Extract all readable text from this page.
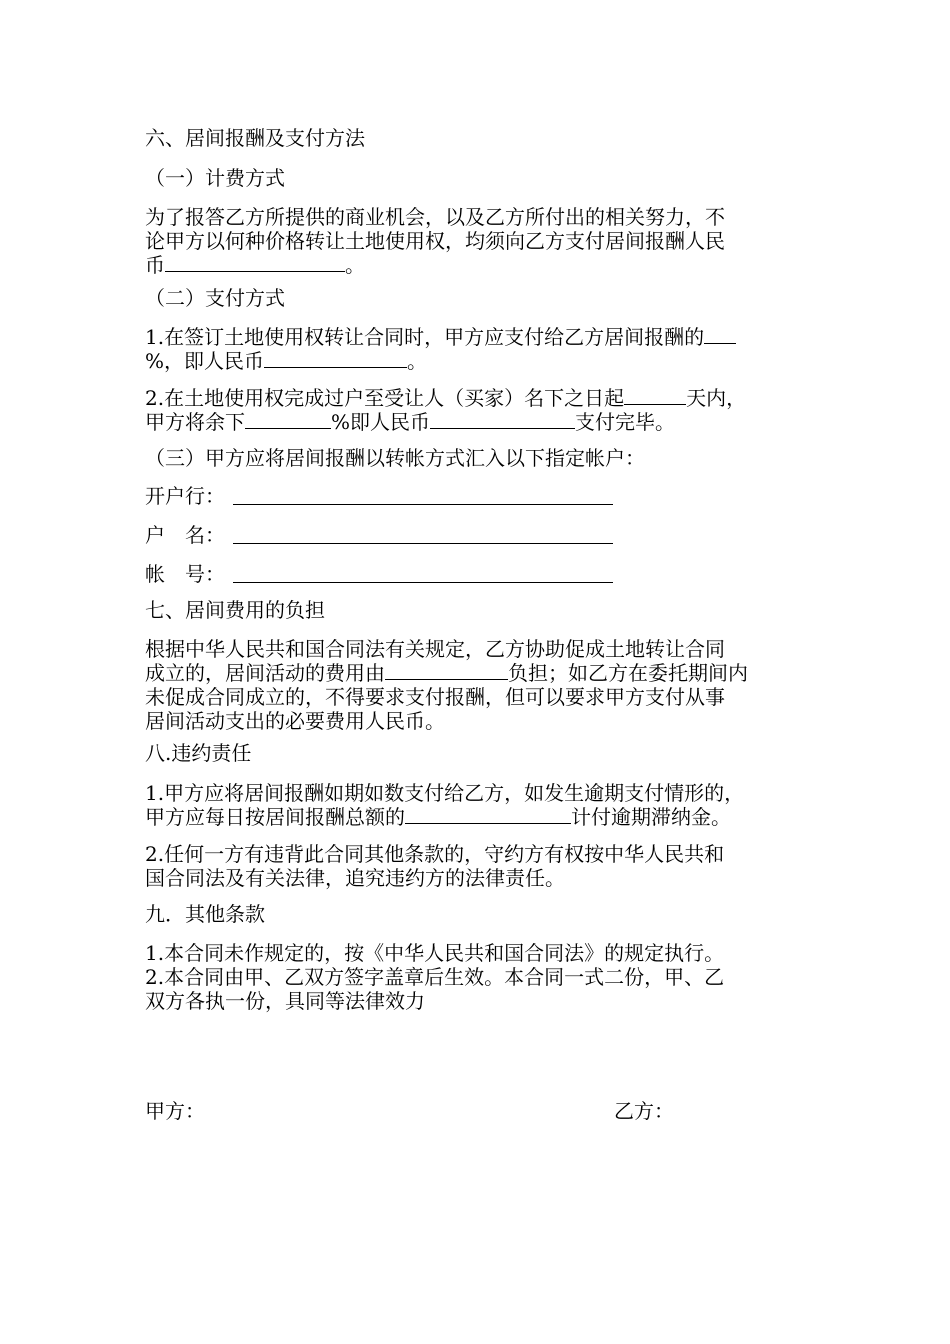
六、居间报酬及支付方法
（一）计费方式
为了报答乙方所提供的商业机会，以及乙方所付出的相关努力，不
论甲方以何种价格转让土地使用权，均须向乙方支付居间报酬人民
币	。
（二）支付方式
1.在签订土地使用权转让合同时，甲方应支付给乙方居间报酬的
%，即人民币	。
2.在土地使用权完成过户至受让人（买家）名下之日起	天内，
甲方将余下	%即人民币	支付完毕。
（三）甲方应将居间报酬以转帐方式汇入以下指定帐户：
开户行：
户　名：
帐　号：
七、居间费用的负担
根据中华人民共和国合同法有关规定，乙方协助促成土地转让合同
成立的，居间活动的费用由	负担；如乙方在委托期间内
未促成合同成立的，不得要求支付报酬，但可以要求甲方支付从事
居间活动支出的必要费用人民币。
八.违约责任
1.甲方应将居间报酬如期如数支付给乙方，如发生逾期支付情形的，
甲方应每日按居间报酬总额的	计付逾期滞纳金。
2.任何一方有违背此合同其他条款的，守约方有权按中华人民共和
国合同法及有关法律，追究违约方的法律责任。
九．其他条款
1.本合同未作规定的，按《中华人民共和国合同法》的规定执行。
2.本合同由甲、乙双方签字盖章后生效。本合同一式二份，甲、乙
双方各执一份，具同等法律效力
甲方：	乙方：
